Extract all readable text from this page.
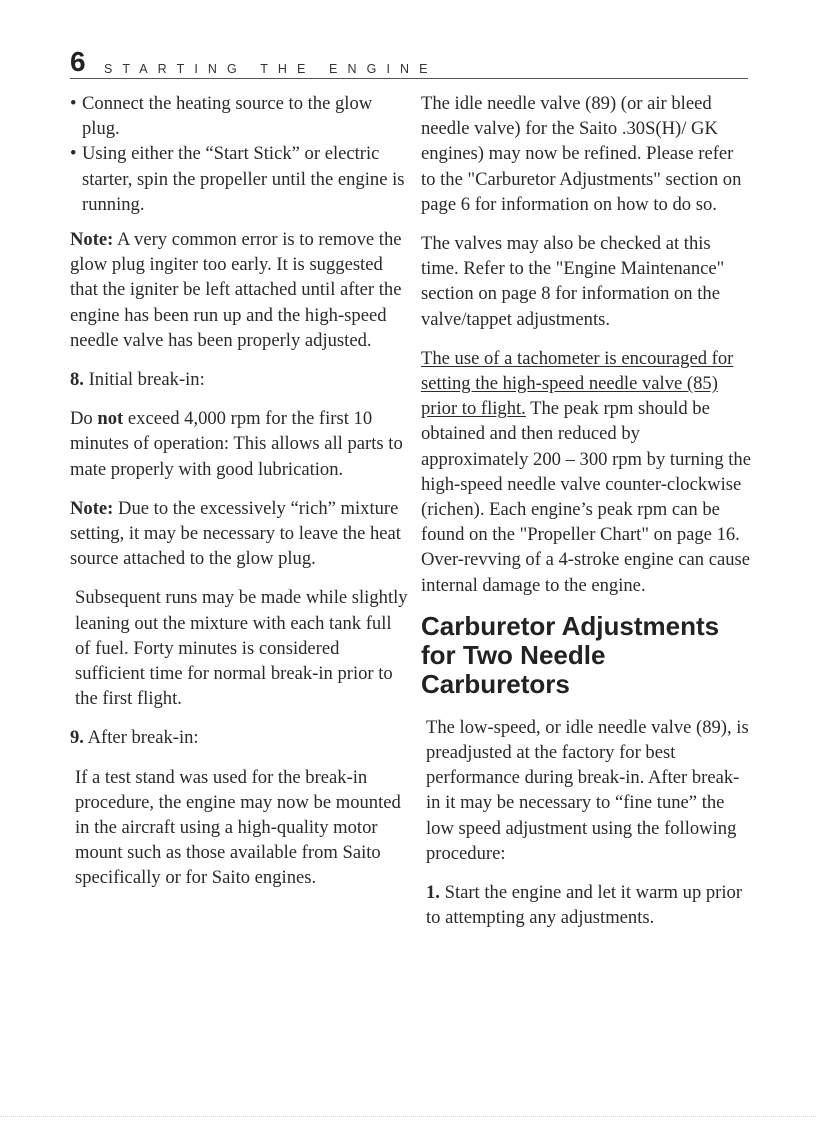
6 STARTING THE ENGINE
• Connect the heating source to the glow plug.
• Using either the “Start Stick” or electric starter, spin the propeller until the engine is running.

Note: A very common error is to remove the glow plug ingiter too early. It is suggested that the igniter be left attached until after the engine has been run up and the high-speed needle valve has been properly adjusted.

8. Initial break-in:

Do not exceed 4,000 rpm for the first 10 minutes of operation: This allows all parts to mate properly with good lubrication.

Note: Due to the excessively “rich” mixture setting, it may be necessary to leave the heat source attached to the glow plug.

Subsequent runs may be made while slightly leaning out the mixture with each tank full of fuel. Forty minutes is considered sufficient time for normal break-in prior to the first flight.

9. After break-in:

If a test stand was used for the break-in procedure, the engine may now be mounted in the aircraft using a high-quality motor mount such as those available from Saito specifically or for Saito engines.

The idle needle valve (89) (or air bleed needle valve) for the Saito .30S(H)/ GK engines) may now be refined. Please refer to the "Carburetor Adjustments" section on page 6 for information on how to do so.

The valves may also be checked at this time. Refer to the "Engine Maintenance" section on page 8 for information on the valve/tappet adjustments.

The use of a tachometer is encouraged for setting the high-speed needle valve (85) prior to flight. The peak rpm should be obtained and then reduced by approximately 200 – 300 rpm by turning the high-speed needle valve counter-clockwise (richen). Each engine’s peak rpm can be found on the "Propeller Chart" on page 16. Over-revving of a 4-stroke engine can cause internal damage to the engine.

Carburetor Adjustments for Two Needle Carburetors

The low-speed, or idle needle valve (89), is preadjusted at the factory for best performance during break-in. After break-in it may be necessary to “fine tune” the low speed adjustment using the following procedure:

1. Start the engine and let it warm up prior to attempting any adjustments.
